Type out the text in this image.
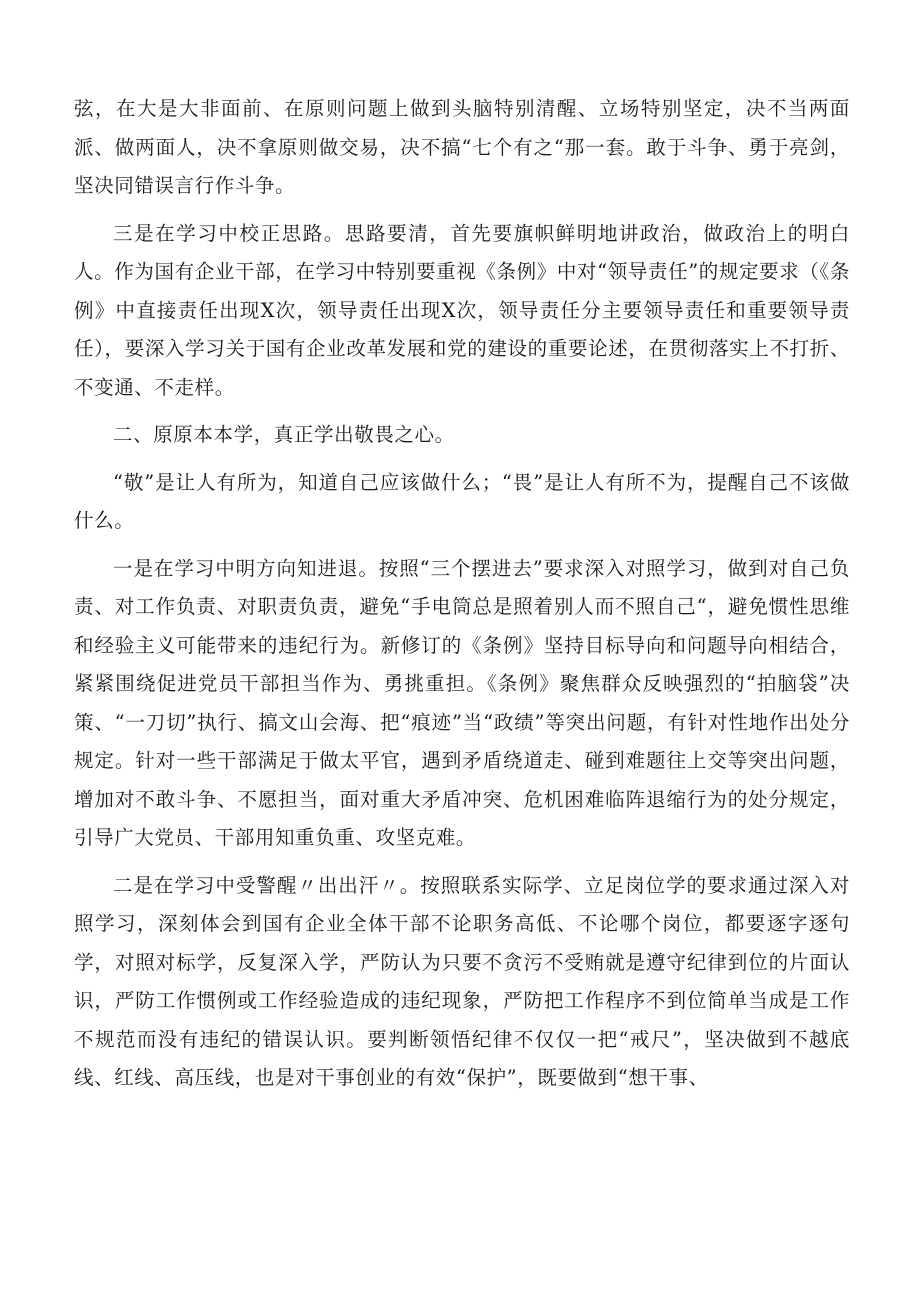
弦，在大是大非面前、在原则问题上做到头脑特别清醒、立场特别坚定，决不当两面派、做两面人，决不拿原则做交易，决不搞“七个有之“那一套。敢于斗争、勇于亮剑，坚决同错误言行作斗争。

三是在学习中校正思路。思路要清，首先要旗帜鲜明地讲政治，做政治上的明白人。作为国有企业干部，在学习中特别要重视《条例》中对“领导责任”的规定要求（《条例》中直接责任出现X次，领导责任出现X次，领导责任分主要领导责任和重要领导责任），要深入学习关于国有企业改革发展和党的建设的重要论述，在贯彻落实上不打折、不变通、不走样。

二、原原本本学，真正学出敬畏之心。

“敬”是让人有所为，知道自己应该做什么；“畏”是让人有所不为，提醒自己不该做什么。

一是在学习中明方向知进退。按照“三个摆进去”要求深入对照学习，做到对自己负责、对工作负责、对职责负责，避免“手电筒总是照着别人而不照自己“，避免惯性思维和经验主义可能带来的违纪行为。新修订的《条例》坚持目标导向和问题导向相结合，紧紧围绕促进党员干部担当作为、勇挑重担。《条例》聚焦群众反映强烈的“拍脑袋”决策、“一刀切”执行、搞文山会海、把“痕迹”当“政绩”等突出问题，有针对性地作出处分规定。针对一些干部满足于做太平官，遇到矛盾绕道走、碰到难题往上交等突出问题，增加对不敢斗争、不愿担当，面对重大矛盾冲突、危机困难临阵退缩行为的处分规定，引导广大党员、干部用知重负重、攻坚克难。

二是在学习中受警醒〃出出汗〃。按照联系实际学、立足岗位学的要求通过深入对照学习，深刻体会到国有企业全体干部不论职务高低、不论哪个岗位，都要逐字逐句学，对照对标学，反复深入学，严防认为只要不贪污不受贿就是遵守纪律到位的片面认识，严防工作惯例或工作经验造成的违纪现象，严防把工作程序不到位简单当成是工作不规范而没有违纪的错误认识。要判断领悟纪律不仅仅一把“戒尺”，坚决做到不越底线、红线、高压线，也是对干事创业的有效“保护”，既要做到“想干事、
